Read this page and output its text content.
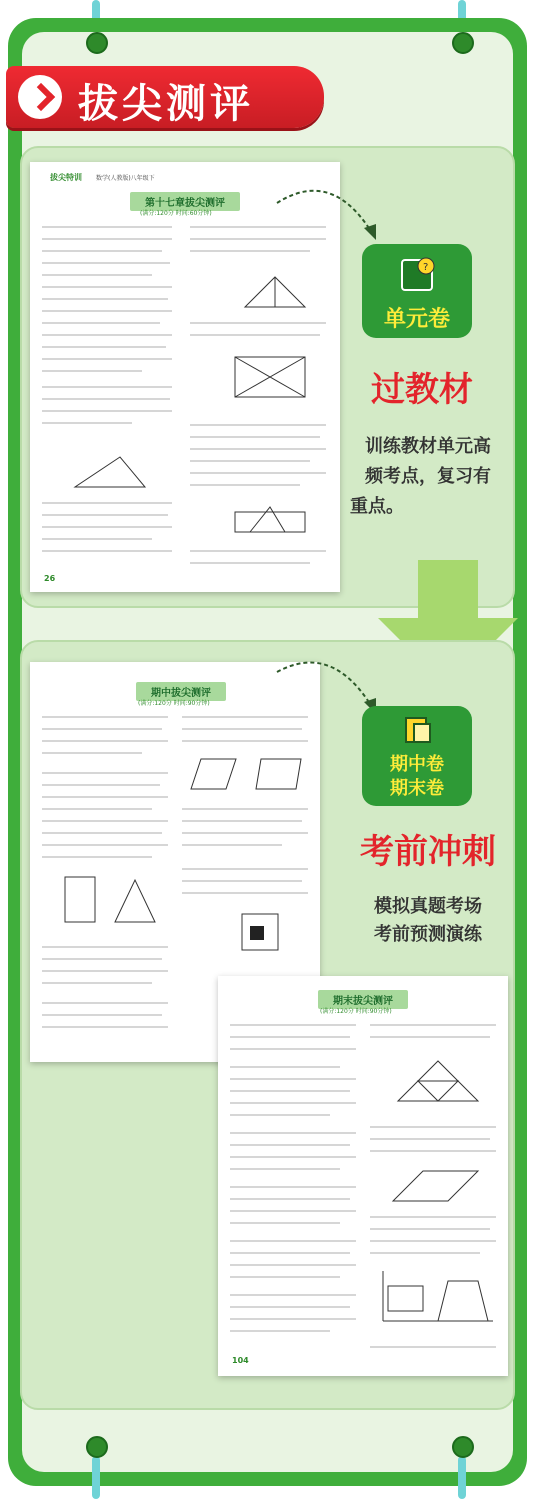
拔尖测评
拔尖特训 数学(人教版)八年级下
第十七章拔尖测评
(满分:120分 时间:60分钟)
26
?
单元卷
过教材
训练教材单元高
频考点，复习有
重点。
期中拔尖测评
(满分:120分 时间:90分钟)
期末拔尖测评
(满分:120分 时间:90分钟)
104
期中卷
期末卷
考前冲刺
模拟真题考场
考前预测演练
